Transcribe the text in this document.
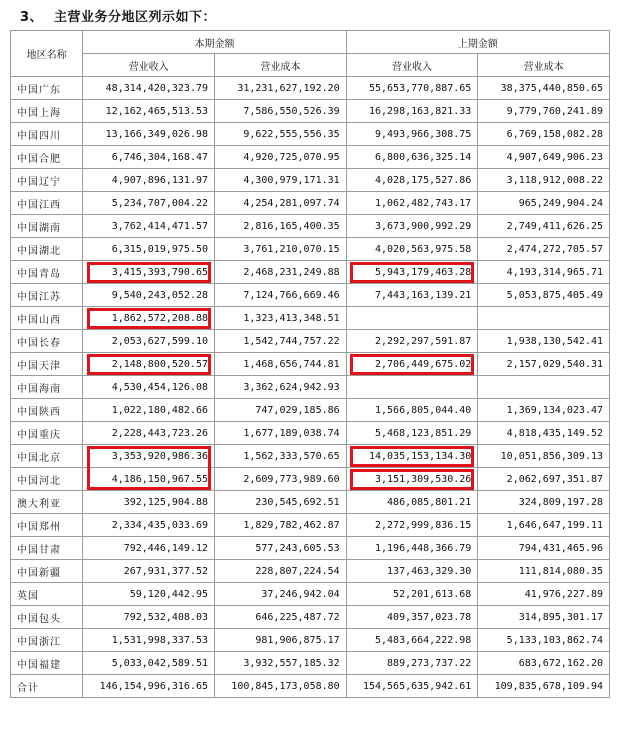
3、 主营业务分地区列示如下：
地区名称	本期金额		上期金额	
	营业收入	营业成本	营业收入	营业成本
中国广东	48,314,420,323.79	31,231,627,192.20	55,653,770,887.65	38,375,440,850.65
中国上海	12,162,465,513.53	7,586,550,526.39	16,298,163,821.33	9,779,760,241.89
中国四川	13,166,349,026.98	9,622,555,556.35	9,493,966,308.75	6,769,158,082.28
中国合肥	6,746,304,168.47	4,920,725,070.95	6,800,636,325.14	4,907,649,906.23
中国辽宁	4,907,896,131.97	4,300,979,171.31	4,028,175,527.86	3,118,912,008.22
中国江西	5,234,707,004.22	4,254,281,097.74	1,062,482,743.17	965,249,904.24
中国湖南	3,762,414,471.57	2,816,165,400.35	3,673,900,992.29	2,749,411,626.25
中国湖北	6,315,019,975.50	3,761,210,070.15	4,020,563,975.58	2,474,272,705.57
中国青岛	3,415,393,790.65	2,468,231,249.88	5,943,179,463.28	4,193,314,965.71
中国江苏	9,540,243,052.28	7,124,766,669.46	7,443,163,139.21	5,053,875,405.49
中国山西	1,862,572,208.88	1,323,413,348.51		
中国长春	2,053,627,599.10	1,542,744,757.22	2,292,297,591.87	1,938,130,542.41
中国天津	2,148,800,520.57	1,468,656,744.81	2,706,449,675.02	2,157,029,540.31
中国海南	4,530,454,126.08	3,362,624,942.93		
中国陕西	1,022,180,482.66	747,029,185.86	1,566,805,044.40	1,369,134,023.47
中国重庆	2,228,443,723.26	1,677,189,038.74	5,468,123,851.29	4,818,435,149.52
中国北京	3,353,920,986.36	1,562,333,570.65	14,035,153,134.30	10,051,856,309.13
中国河北	4,186,150,967.55	2,609,773,989.60	3,151,309,530.26	2,062,697,351.87
澳大利亚	392,125,904.88	230,545,692.51	486,085,801.21	324,809,197.28
中国郑州	2,334,435,033.69	1,829,782,462.87	2,272,999,836.15	1,646,647,199.11
中国甘肃	792,446,149.12	577,243,605.53	1,196,448,366.79	794,431,465.96
中国新疆	267,931,377.52	228,807,224.54	137,463,329.30	111,814,080.35
英国	59,120,442.95	37,246,942.04	52,201,613.68	41,976,227.89
中国包头	792,532,408.03	646,225,487.72	409,357,023.78	314,895,301.17
中国浙江	1,531,998,337.53	981,906,875.17	5,483,664,222.98	5,133,103,862.74
中国福建	5,033,042,589.51	3,932,557,185.32	889,273,737.22	683,672,162.20
合计	146,154,996,316.65	100,845,173,058.80	154,565,635,942.61	109,835,678,109.94
